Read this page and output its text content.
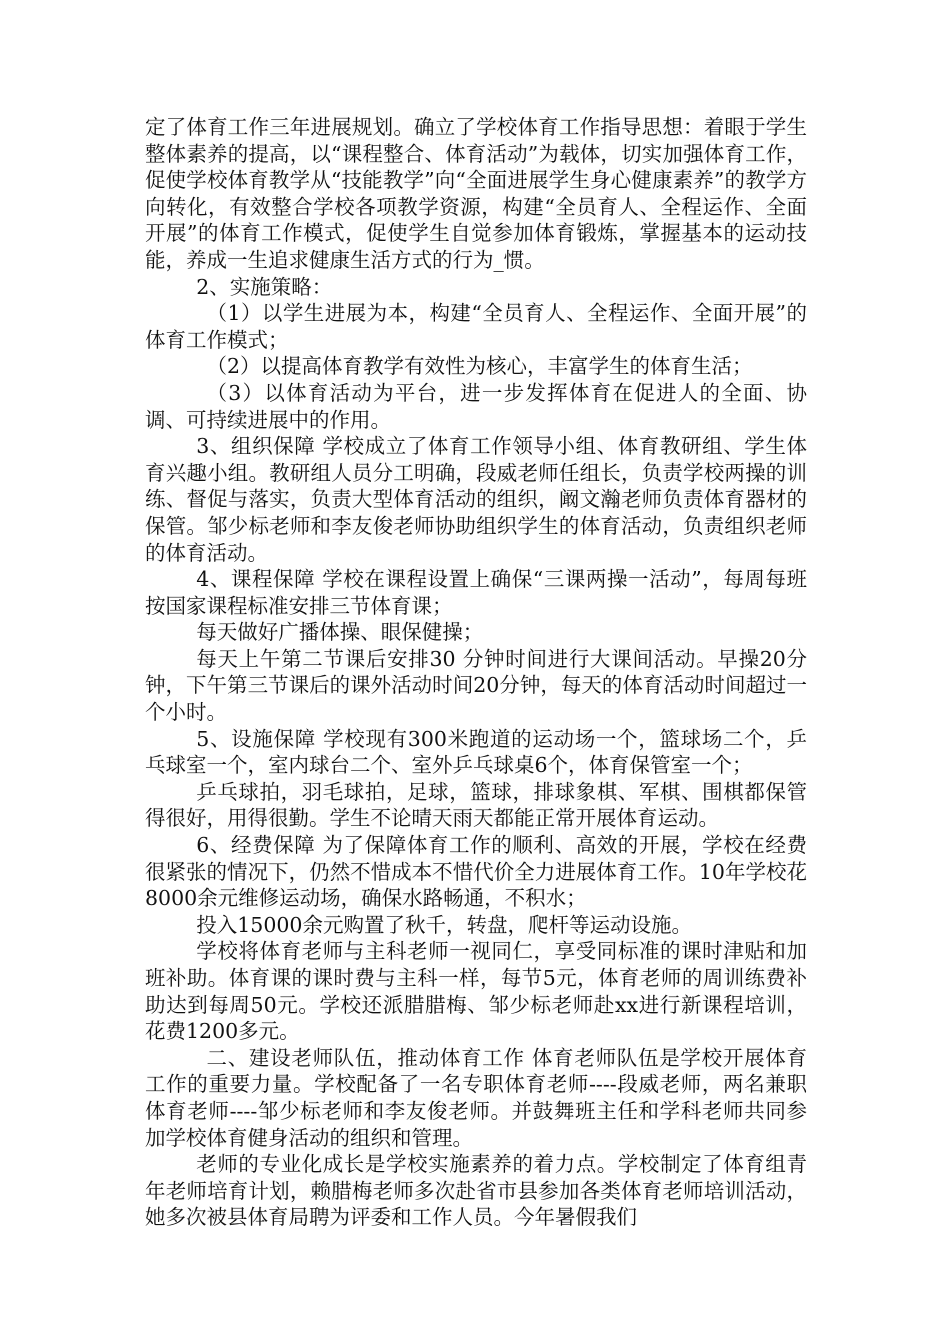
定了体育工作三年进展规划。确立了学校体育工作指导思想：着眼于学生整体素养的提高，以“课程整合、体育活动”为载体，切实加强体育工作，促使学校体育教学从“技能教学”向“全面进展学生身心健康素养”的教学方向转化，有效整合学校各项教学资源，构建“全员育人、全程运作、全面开展”的体育工作模式，促使学生自觉参加体育锻炼，掌握基本的运动技能，养成一生追求健康生活方式的行为_惯。

2、实施策略：

（1）以学生进展为本，构建“全员育人、全程运作、全面开展”的体育工作模式；

（2）以提高体育教学有效性为核心，丰富学生的体育生活；

（3）以体育活动为平台，进一步发挥体育在促进人的全面、协调、可持续进展中的作用。

3、组织保障 学校成立了体育工作领导小组、体育教研组、学生体育兴趣小组。教研组人员分工明确，段威老师任组长，负责学校两操的训练、督促与落实，负责大型体育活动的组织，阚文瀚老师负责体育器材的保管。邹少标老师和李友俊老师协助组织学生的体育活动，负责组织老师的体育活动。

4、课程保障 学校在课程设置上确保“三课两操一活动”，每周每班按国家课程标准安排三节体育课；

每天做好广播体操、眼保健操；

每天上午第二节课后安排30 分钟时间进行大课间活动。早操20分钟，下午第三节课后的课外活动时间20分钟，每天的体育活动时间超过一个小时。

5、设施保障 学校现有300米跑道的运动场一个，篮球场二个，乒乓球室一个，室内球台二个、室外乒乓球桌6个，体育保管室一个；

乒乓球拍，羽毛球拍，足球，篮球，排球象棋、军棋、围棋都保管得很好，用得很勤。学生不论晴天雨天都能正常开展体育运动。

6、经费保障 为了保障体育工作的顺利、高效的开展，学校在经费很紧张的情况下，仍然不惜成本不惜代价全力进展体育工作。10年学校花8000余元维修运动场，确保水路畅通，不积水；

投入15000余元购置了秋千，转盘，爬杆等运动设施。

学校将体育老师与主科老师一视同仁，享受同标准的课时津贴和加班补助。体育课的课时费与主科一样，每节5元，体育老师的周训练费补助达到每周50元。学校还派腊腊梅、邹少标老师赴xx进行新课程培训，花费1200多元。

二、建设老师队伍，推动体育工作 体育老师队伍是学校开展体育工作的重要力量。学校配备了一名专职体育老师----段威老师，两名兼职体育老师----邹少标老师和李友俊老师。并鼓舞班主任和学科老师共同参加学校体育健身活动的组织和管理。

老师的专业化成长是学校实施素养的着力点。学校制定了体育组青年老师培育计划，赖腊梅老师多次赴省市县参加各类体育老师培训活动，她多次被县体育局聘为评委和工作人员。今年暑假我们
